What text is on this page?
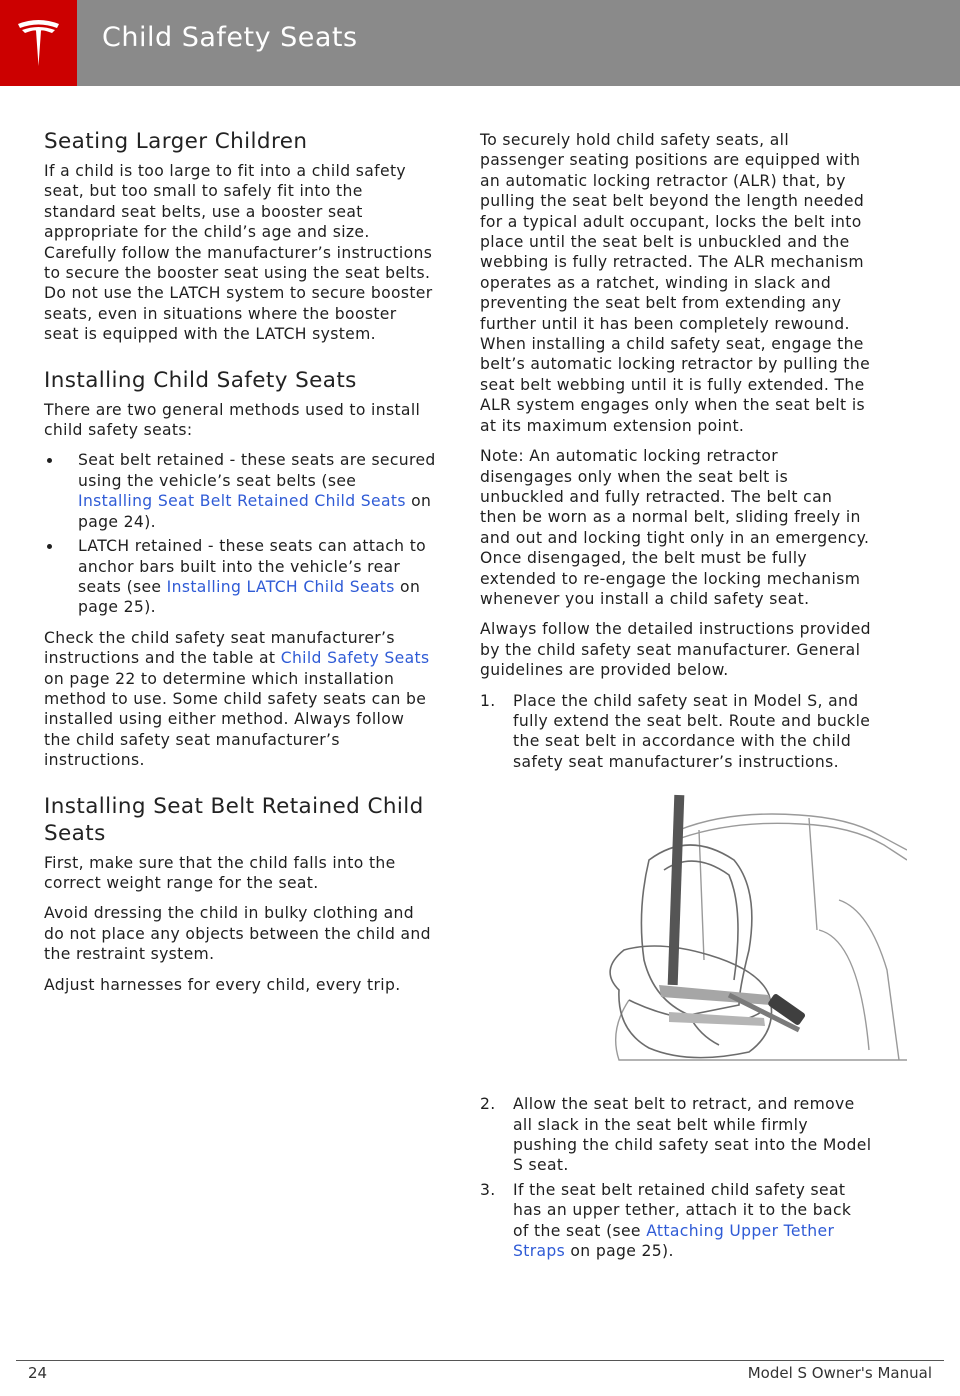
Child Safety Seats
Seating Larger Children

If a child is too large to fit into a child safety seat, but too small to safely fit into the standard seat belts, use a booster seat appropriate for the child’s age and size. Carefully follow the manufacturer’s instructions to secure the booster seat using the seat belts. Do not use the LATCH system to secure booster seats, even in situations where the booster seat is equipped with the LATCH system.

Installing Child Safety Seats

There are two general methods used to install child safety seats:

Seat belt retained - these seats are secured using the vehicle’s seat belts (see Installing Seat Belt Retained Child Seats on page 24).
LATCH retained - these seats can attach to anchor bars built into the vehicle’s rear seats (see Installing LATCH Child Seats on page 25).

Check the child safety seat manufacturer’s instructions and the table at Child Safety Seats on page 22 to determine which installation method to use. Some child safety seats can be installed using either method. Always follow the child safety seat manufacturer’s instructions.

Installing Seat Belt Retained Child Seats

First, make sure that the child falls into the correct weight range for the seat.

Avoid dressing the child in bulky clothing and do not place any objects between the child and the restraint system.

Adjust harnesses for every child, every trip.

To securely hold child safety seats, all passenger seating positions are equipped with an automatic locking retractor (ALR) that, by pulling the seat belt beyond the length needed for a typical adult occupant, locks the belt into place until the seat belt is unbuckled and the webbing is fully retracted. The ALR mechanism operates as a ratchet, winding in slack and preventing the seat belt from extending any further until it has been completely rewound. When installing a child safety seat, engage the belt’s automatic locking retractor by pulling the seat belt webbing until it is fully extended. The ALR system engages only when the seat belt is at its maximum extension point.

Note: An automatic locking retractor disengages only when the seat belt is unbuckled and fully retracted. The belt can then be worn as a normal belt, sliding freely in and out and locking tight only in an emergency. Once disengaged, the belt must be fully extended to re-engage the locking mechanism whenever you install a child safety seat.

Always follow the detailed instructions provided by the child safety seat manufacturer. General guidelines are provided below.

1. Place the child safety seat in Model S, and fully extend the seat belt. Route and buckle the seat belt in accordance with the child safety seat manufacturer’s instructions.
2. Allow the seat belt to retract, and remove all slack in the seat belt while firmly pushing the child safety seat into the Model S seat.
3. If the seat belt retained child safety seat has an upper tether, attach it to the back of the seat (see Attaching Upper Tether Straps on page 25).
24	Model S Owner's Manual
